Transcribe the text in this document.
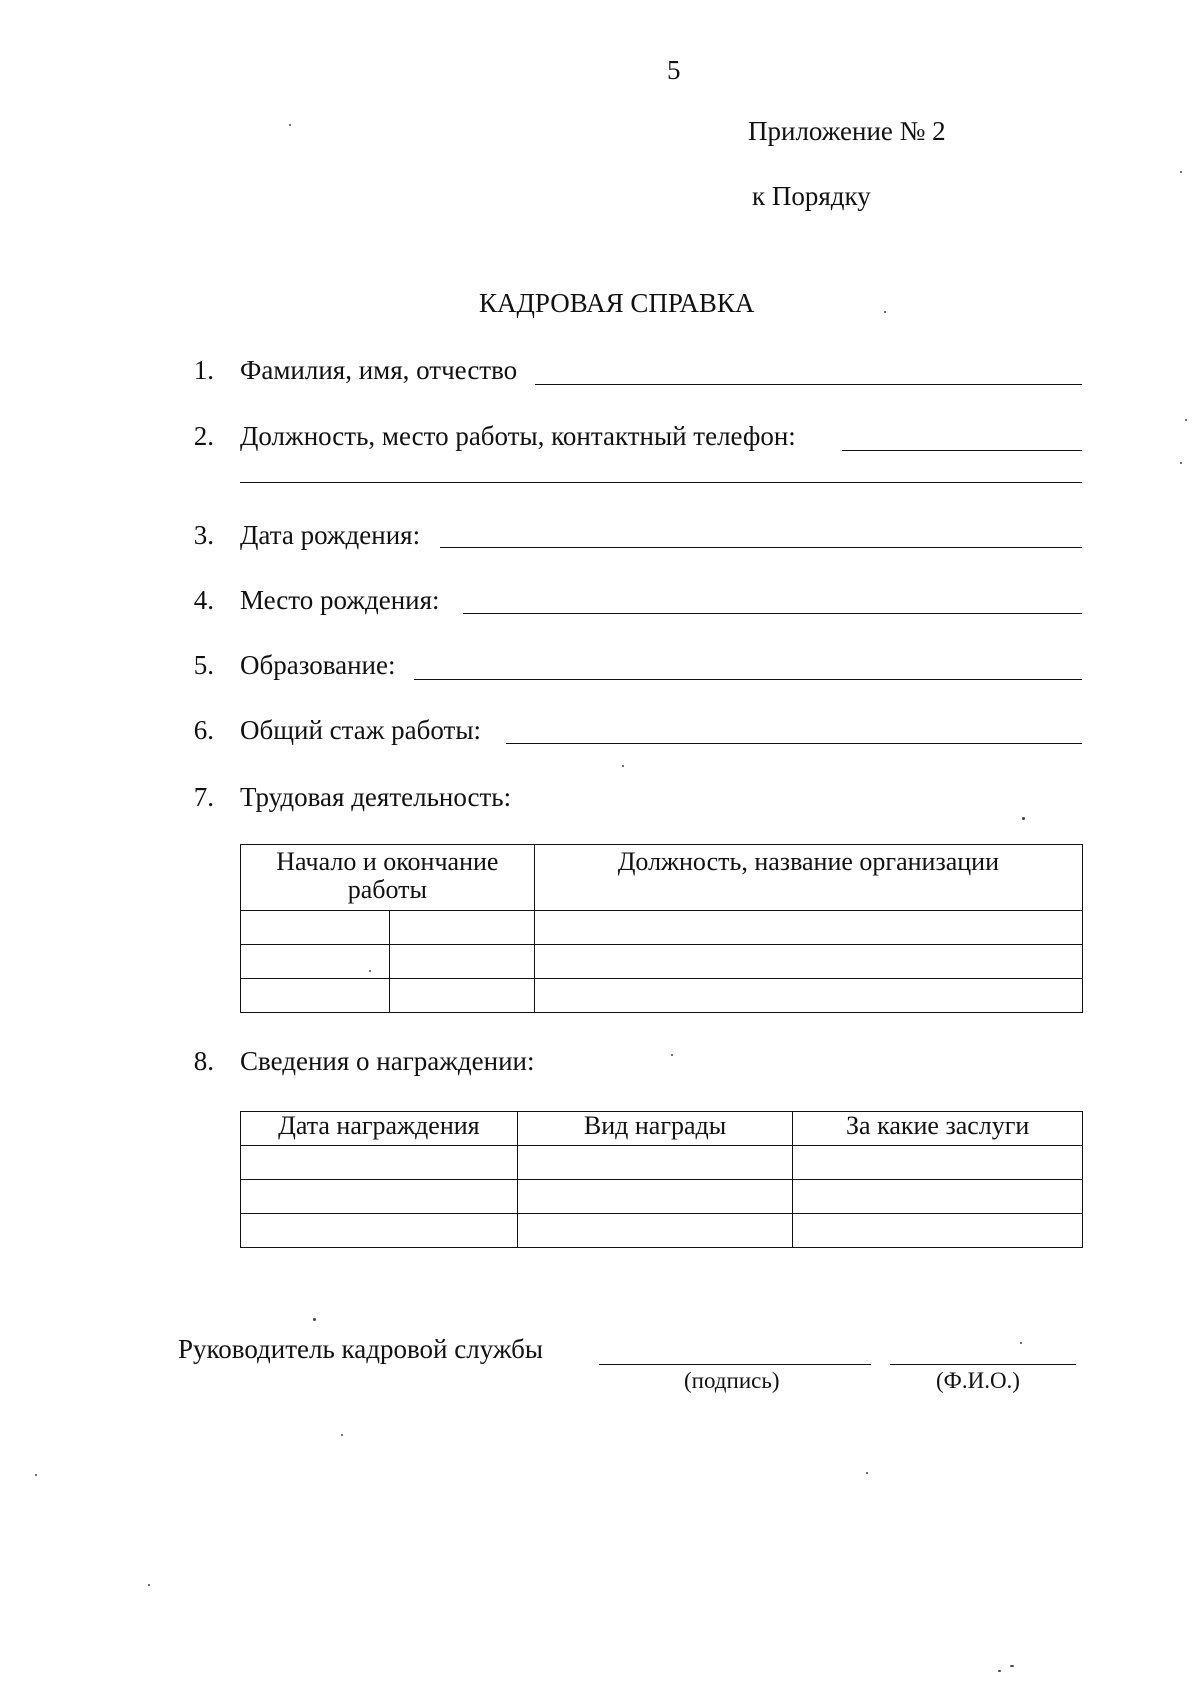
5
Приложение № 2
к Порядку
КАДРОВАЯ СПРАВКА
1. Фамилия, имя, отчество
2. Должность, место работы, контактный телефон:
3. Дата рождения:
4. Место рождения:
5. Образование:
6. Общий стаж работы:
7. Трудовая деятельность:
Начало и окончание работы		Должность, название организации

8. Сведения о награждении:
Дата награждения	Вид награды	За какие заслуги

Руководитель кадровой службы
(подпись)	(Ф.И.О.)
